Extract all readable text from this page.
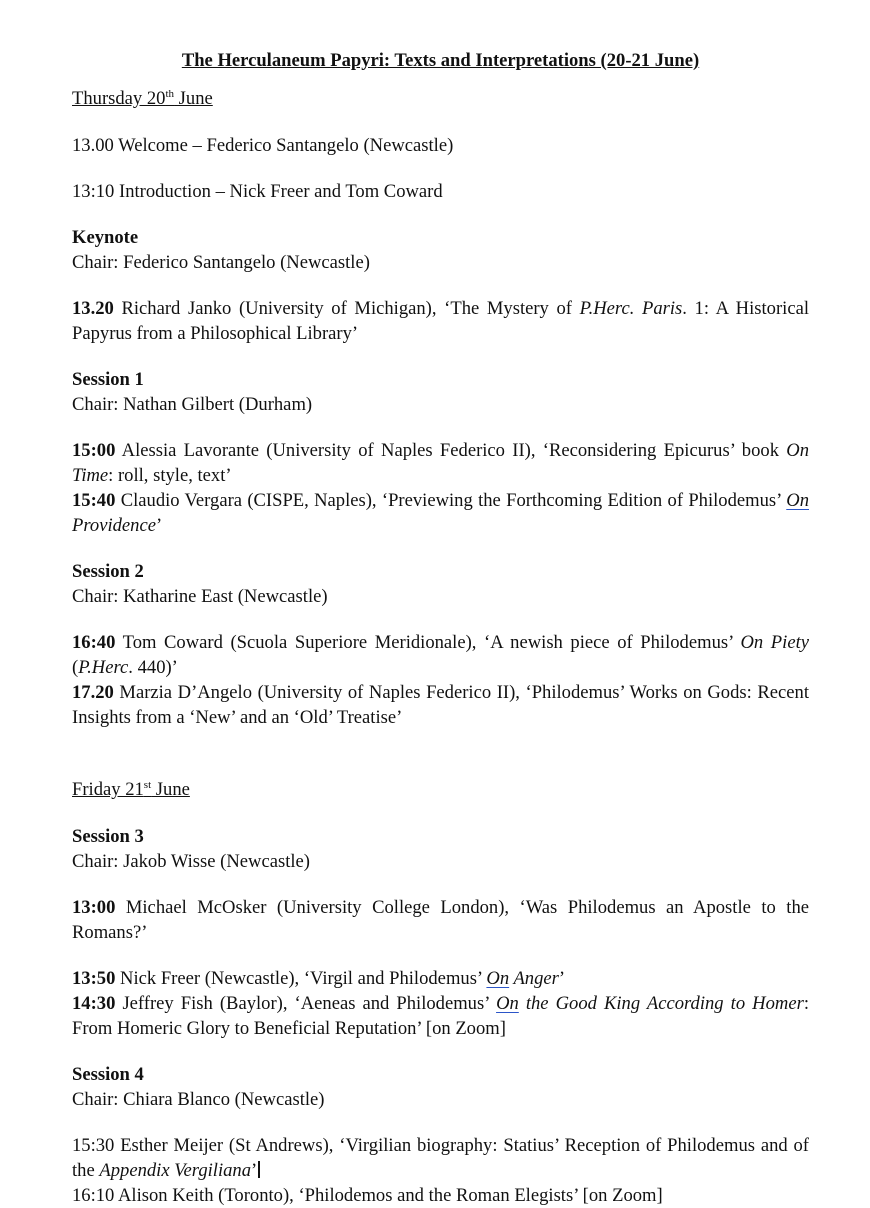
The Herculaneum Papyri: Texts and Interpretations (20-21 June)

Thursday 20th June

13.00 Welcome – Federico Santangelo (Newcastle)

13:10 Introduction – Nick Freer and Tom Coward

Keynote

Chair: Federico Santangelo (Newcastle)

13.20 Richard Janko (University of Michigan), ‘The Mystery of P.Herc. Paris. 1: A Historical Papyrus from a Philosophical Library’

Session 1

Chair: Nathan Gilbert (Durham)

15:00 Alessia Lavorante (University of Naples Federico II), ‘Reconsidering Epicurus’ book On Time: roll, style, text’

15:40 Claudio Vergara (CISPE, Naples), ‘Previewing the Forthcoming Edition of Philodemus’ On Providence’

Session 2

Chair: Katharine East (Newcastle)

16:40 Tom Coward (Scuola Superiore Meridionale), ‘A newish piece of Philodemus’ On Piety (P.Herc. 440)’

17.20 Marzia D’Angelo (University of Naples Federico II), ‘Philodemus’ Works on Gods: Recent Insights from a ‘New’ and an ‘Old’ Treatise’

Friday 21st June

Session 3

Chair: Jakob Wisse (Newcastle)

13:00 Michael McOsker (University College London), ‘Was Philodemus an Apostle to the Romans?’

13:50 Nick Freer (Newcastle), ‘Virgil and Philodemus’ On Anger’

14:30 Jeffrey Fish (Baylor), ‘Aeneas and Philodemus’ On the Good King According to Homer: From Homeric Glory to Beneficial Reputation’ [on Zoom]

Session 4

Chair: Chiara Blanco (Newcastle)

15:30 Esther Meijer (St Andrews), ‘Virgilian biography: Statius’ Reception of Philodemus and of the Appendix Vergiliana’

16:10 Alison Keith (Toronto), ‘Philodemos and the Roman Elegists’ [on Zoom]
